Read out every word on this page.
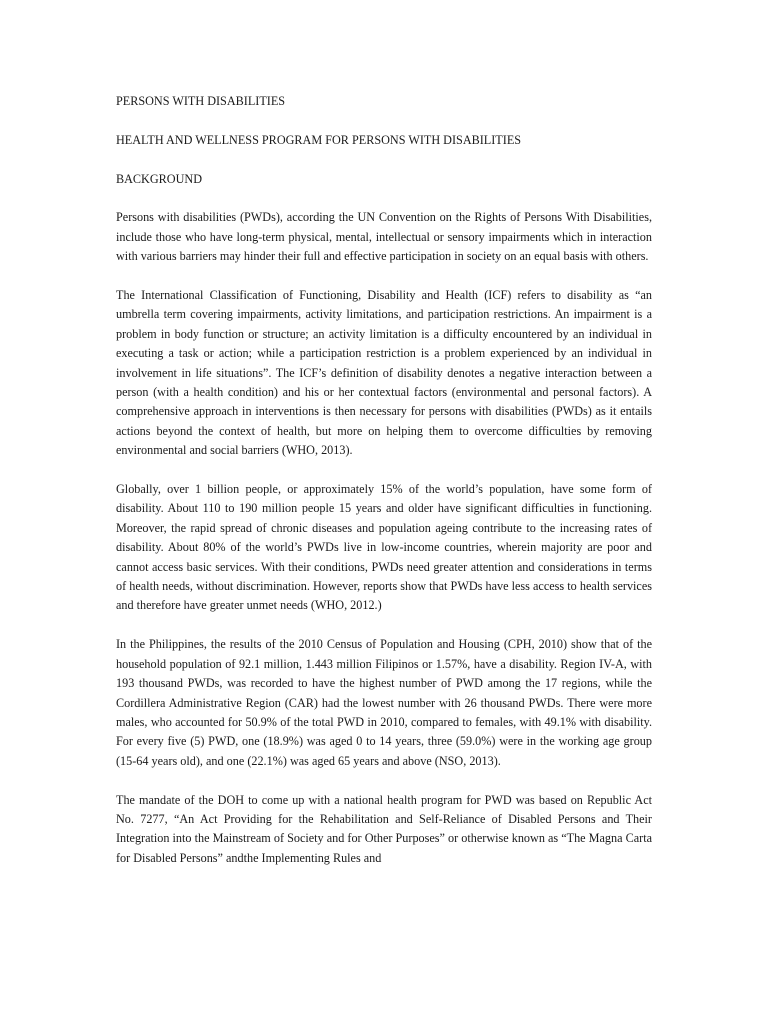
PERSONS WITH DISABILITIES

HEALTH AND WELLNESS PROGRAM FOR PERSONS WITH DISABILITIES

BACKGROUND

Persons with disabilities (PWDs), according the UN Convention on the Rights of Persons With Disabilities, include those who have long-term physical, mental, intellectual or sensory impairments which in interaction with various barriers may hinder their full and effective participation in society on an equal basis with others.

The International Classification of Functioning, Disability and Health (ICF) refers to disability as “an umbrella term covering impairments, activity limitations, and participation restrictions. An impairment is a problem in body function or structure; an activity limitation is a difficulty encountered by an individual in executing a task or action; while a participation restriction is a problem experienced by an individual in involvement in life situations”. The ICF’s definition of disability denotes a negative interaction between a person (with a health condition) and his or her contextual factors (environmental and personal factors). A comprehensive approach in interventions is then necessary for persons with disabilities (PWDs) as it entails actions beyond the context of health, but more on helping them to overcome difficulties by removing environmental and social barriers (WHO, 2013).

Globally, over 1 billion people, or approximately 15% of the world’s population, have some form of disability. About 110 to 190 million people 15 years and older have significant difficulties in functioning. Moreover, the rapid spread of chronic diseases and population ageing contribute to the increasing rates of disability. About 80% of the world’s PWDs live in low-income countries, wherein majority are poor and cannot access basic services. With their conditions, PWDs need greater attention and considerations in terms of health needs, without discrimination. However, reports show that PWDs have less access to health services and therefore have greater unmet needs (WHO, 2012.)

In the Philippines, the results of the 2010 Census of Population and Housing (CPH, 2010) show that of the household population of 92.1 million, 1.443 million Filipinos or 1.57%, have a disability. Region IV-A, with 193 thousand PWDs, was recorded to have the highest number of PWD among the 17 regions, while the Cordillera Administrative Region (CAR) had the lowest number with 26 thousand PWDs. There were more males, who accounted for 50.9% of the total PWD in 2010, compared to females, with 49.1% with disability. For every five (5) PWD, one (18.9%) was aged 0 to 14 years, three (59.0%) were in the working age group (15-64 years old), and one (22.1%) was aged 65 years and above (NSO, 2013).

The mandate of the DOH to come up with a national health program for PWD was based on Republic Act No. 7277, “An Act Providing for the Rehabilitation and Self-Reliance of Disabled Persons and Their Integration into the Mainstream of Society and for Other Purposes” or otherwise known as “The Magna Carta for Disabled Persons” andthe Implementing Rules and
